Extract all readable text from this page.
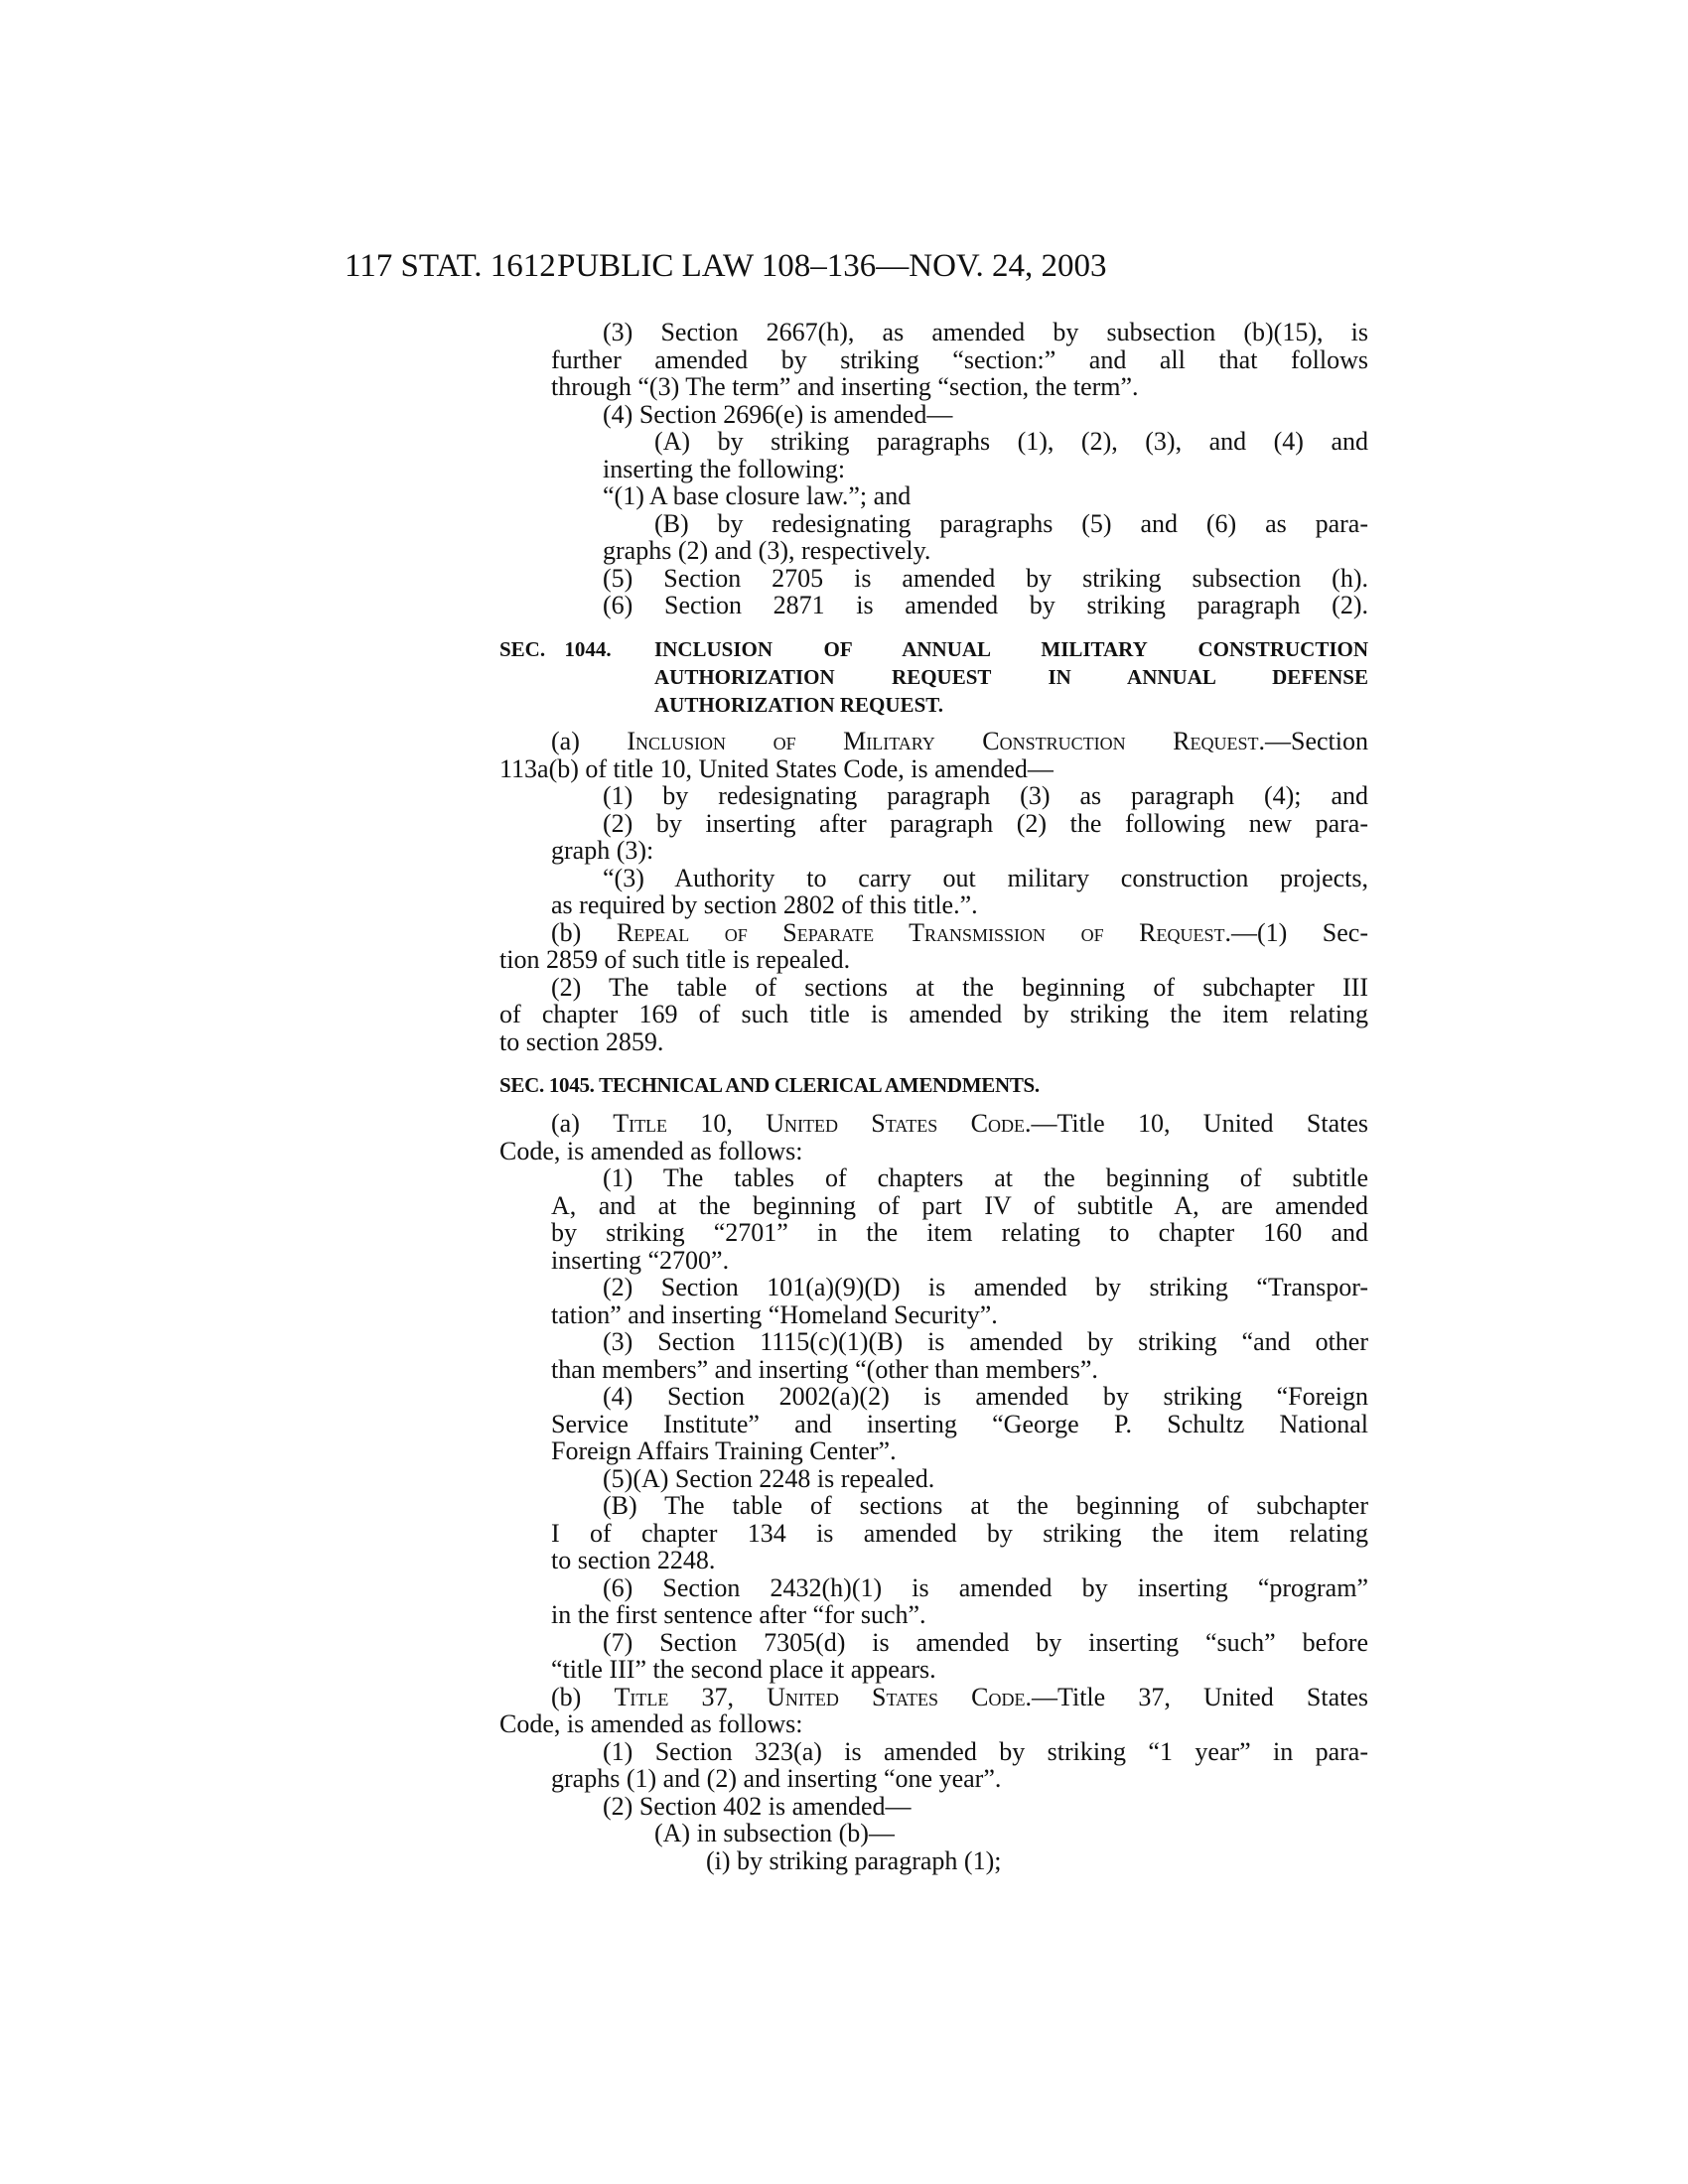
117 STAT. 1612 PUBLIC LAW 108–136—NOV. 24, 2003
(3) Section 2667(h), as amended by subsection (b)(15), is
further amended by striking “section:” and all that follows
through “(3) The term” and inserting “section, the term”.
(4) Section 2696(e) is amended—
(A) by striking paragraphs (1), (2), (3), and (4) and
inserting the following:
“(1) A base closure law.”; and
(B) by redesignating paragraphs (5) and (6) as para-
graphs (2) and (3), respectively.
(5) Section 2705 is amended by striking subsection (h).
(6) Section 2871 is amended by striking paragraph (2).
SEC. 1044. INCLUSION OF ANNUAL MILITARY CONSTRUCTION
AUTHORIZATION REQUEST IN ANNUAL DEFENSE
AUTHORIZATION REQUEST.
(a) Inclusion of Military Construction Request.—Section
113a(b) of title 10, United States Code, is amended—
(1) by redesignating paragraph (3) as paragraph (4); and
(2) by inserting after paragraph (2) the following new para-
graph (3):
“(3) Authority to carry out military construction projects,
as required by section 2802 of this title.”.
(b) Repeal of Separate Transmission of Request.—(1) Sec-
tion 2859 of such title is repealed.
(2) The table of sections at the beginning of subchapter III
of chapter 169 of such title is amended by striking the item relating
to section 2859.
SEC. 1045. TECHNICAL AND CLERICAL AMENDMENTS.
(a) Title 10, United States Code.—Title 10, United States
Code, is amended as follows:
(1) The tables of chapters at the beginning of subtitle
A, and at the beginning of part IV of subtitle A, are amended
by striking “2701” in the item relating to chapter 160 and
inserting “2700”.
(2) Section 101(a)(9)(D) is amended by striking “Transpor-
tation” and inserting “Homeland Security”.
(3) Section 1115(c)(1)(B) is amended by striking “and other
than members” and inserting “(other than members”.
(4) Section 2002(a)(2) is amended by striking “Foreign
Service Institute” and inserting “George P. Schultz National
Foreign Affairs Training Center”.
(5)(A) Section 2248 is repealed.
(B) The table of sections at the beginning of subchapter
I of chapter 134 is amended by striking the item relating
to section 2248.
(6) Section 2432(h)(1) is amended by inserting “program”
in the first sentence after “for such”.
(7) Section 7305(d) is amended by inserting “such” before
“title III” the second place it appears.
(b) Title 37, United States Code.—Title 37, United States
Code, is amended as follows:
(1) Section 323(a) is amended by striking “1 year” in para-
graphs (1) and (2) and inserting “one year”.
(2) Section 402 is amended—
(A) in subsection (b)—
(i) by striking paragraph (1);
